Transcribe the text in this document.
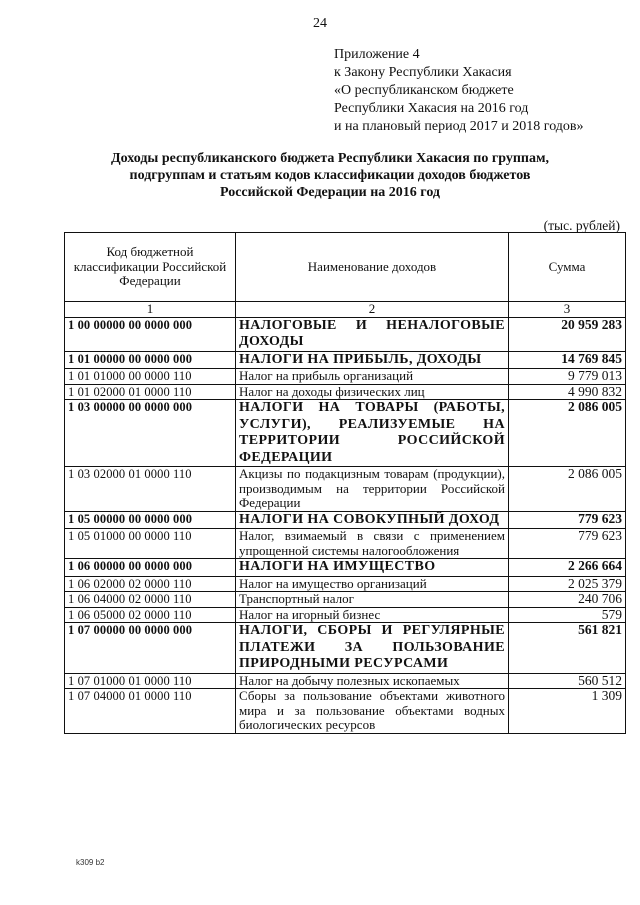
24
Приложение 4
к Закону Республики Хакасия
«О республиканском бюджете
Республики Хакасия на 2016 год
и на плановый период 2017 и 2018 годов»
Доходы республиканского бюджета Республики Хакасия по группам,
подгруппам и статьям кодов классификации доходов бюджетов
Российской Федерации на 2016 год
(тыс. рублей)
Код бюджетной классификации Российской Федерации	Наименование доходов	Сумма
1	2	3
1 00 00000 00 0000 000	НАЛОГОВЫЕ И НЕНАЛОГОВЫЕ ДОХОДЫ	20 959 283
1 01 00000 00 0000 000	НАЛОГИ НА ПРИБЫЛЬ, ДОХОДЫ	14 769 845
1 01 01000 00 0000 110	Налог на прибыль организаций	9 779 013
1 01 02000 01 0000 110	Налог на доходы физических лиц	4 990 832
1 03 00000 00 0000 000	НАЛОГИ НА ТОВАРЫ (РАБОТЫ, УСЛУГИ), РЕАЛИЗУЕМЫЕ НА ТЕРРИТОРИИ РОССИЙСКОЙ ФЕДЕРАЦИИ	2 086 005
1 03 02000 01 0000 110	Акцизы по подакцизным товарам (продукции), производимым на территории Российской Федерации	2 086 005
1 05 00000 00 0000 000	НАЛОГИ НА СОВОКУПНЫЙ ДОХОД	779 623
1 05 01000 00 0000 110	Налог, взимаемый в связи с применением упрощенной системы налогообложения	779 623
1 06 00000 00 0000 000	НАЛОГИ НА ИМУЩЕСТВО	2 266 664
1 06 02000 02 0000 110	Налог на имущество организаций	2 025 379
1 06 04000 02 0000 110	Транспортный налог	240 706
1 06 05000 02 0000 110	Налог на игорный бизнес	579
1 07 00000 00 0000 000	НАЛОГИ, СБОРЫ И РЕГУЛЯРНЫЕ ПЛАТЕЖИ ЗА ПОЛЬЗОВАНИЕ ПРИРОДНЫМИ РЕСУРСАМИ	561 821
1 07 01000 01 0000 110	Налог на добычу полезных ископаемых	560 512
1 07 04000 01 0000 110	Сборы за пользование объектами животного мира и за пользование объектами водных биологических ресурсов	1 309
k309 b2
